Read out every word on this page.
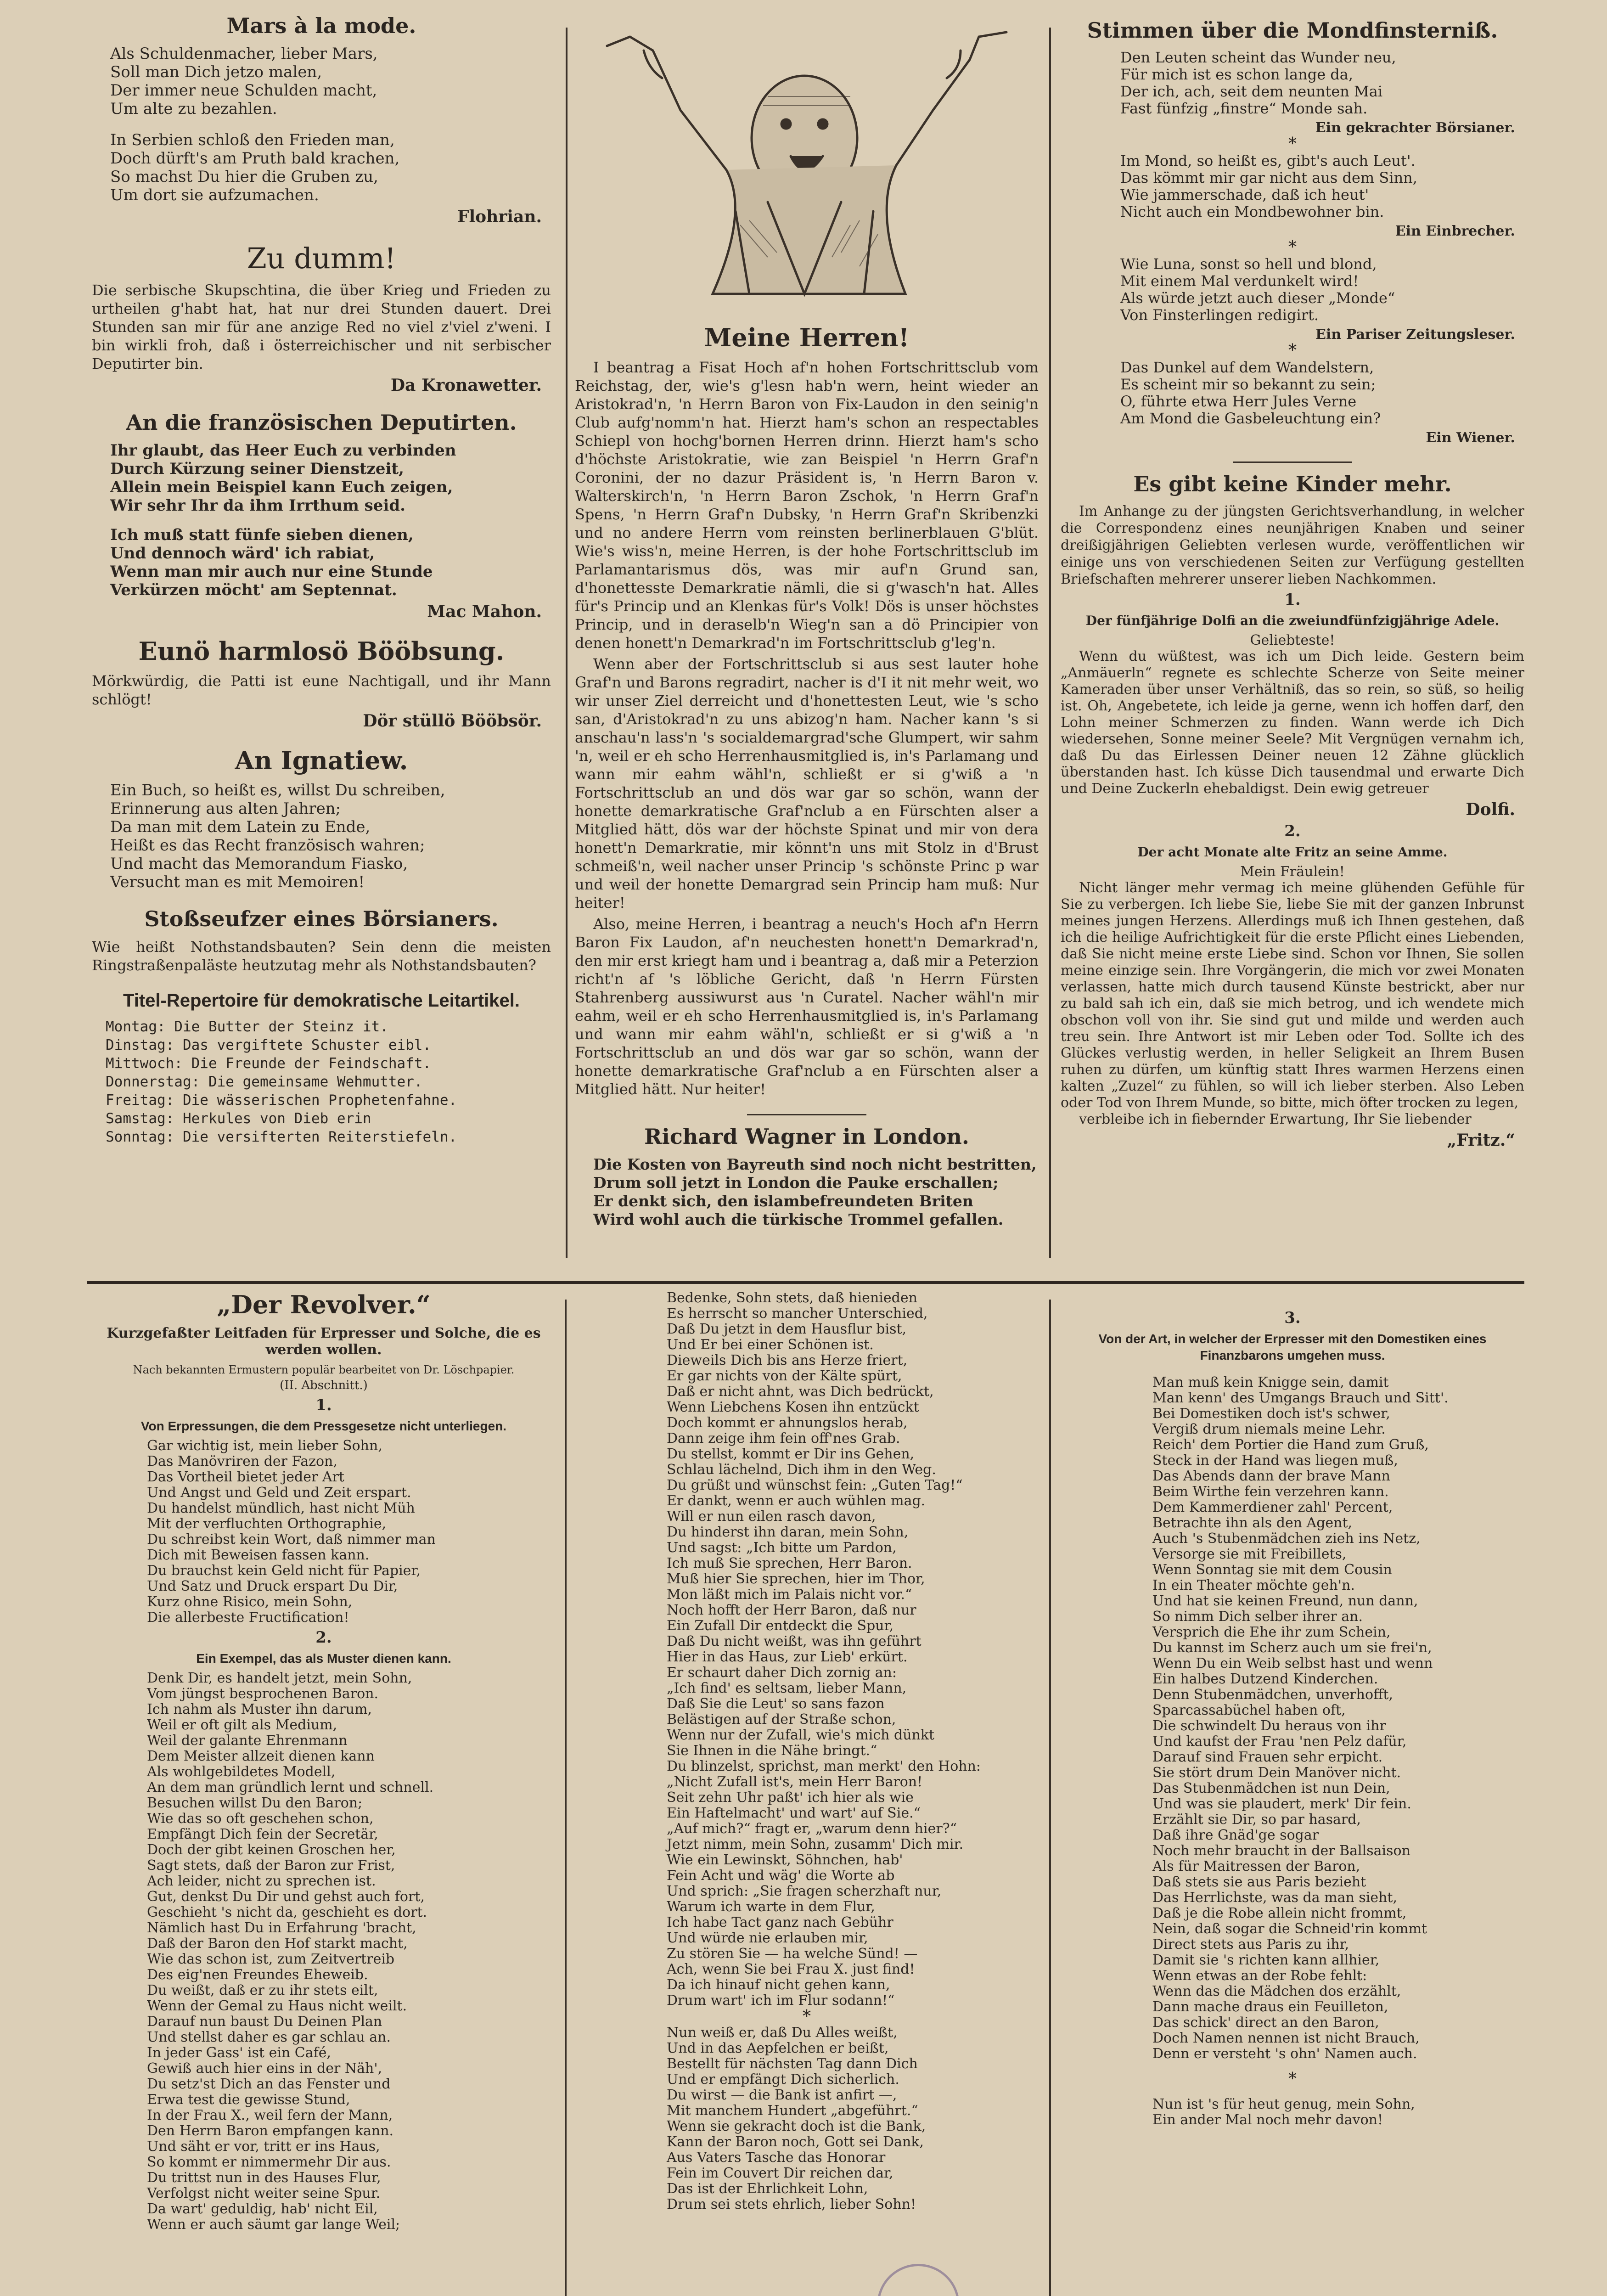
Mars à la mode.
Als Schuldenmacher, lieber Mars,
Soll man Dich jetzo malen,
Der immer neue Schulden macht,
Um alte zu bezahlen.
In Serbien schloß den Frieden man,
Doch dürft's am Pruth bald krachen,
So machst Du hier die Gruben zu,
Um dort sie aufzumachen.
Flohrian.
Zu dumm!
Die serbische Skupschtina, die über Krieg und Frieden zu urtheilen g'habt hat, hat nur drei Stunden dauert. Drei Stunden san mir für ane anzige Red no viel z'viel z'weni. I bin wirkli froh, daß i österreichischer und nit serbischer Deputirter bin.
Da Kronawetter.
An die französischen Deputirten.
Ihr glaubt, das Heer Euch zu verbinden
Durch Kürzung seiner Dienstzeit,
Allein mein Beispiel kann Euch zeigen,
Wir sehr Ihr da ihm Irrthum seid.
Ich muß statt fünfe sieben dienen,
Und dennoch wärd' ich rabiat,
Wenn man mir auch nur eine Stunde
Verkürzen möcht' am Septennat.
Mac Mahon.
Eunö harmlosö Bööbsung.
Mörkwürdig, die Patti ist eune Nachtigall, und ihr Mann schlögt!
Dör stüllö Bööbsör.
An Ignatiew.
Ein Buch, so heißt es, willst Du schreiben,
Erinnerung aus alten Jahren;
Da man mit dem Latein zu Ende,
Heißt es das Recht französisch wahren;
Und macht das Memorandum Fiasko,
Versucht man es mit Memoiren!
Stoßseufzer eines Börsianers.
Wie heißt Nothstandsbauten? Sein denn die meisten Ringstraßenpaläste heutzutag mehr als Nothstandsbauten?
Titel-Repertoire für demokratische Leitartikel.
Montag: Die Butter der Steinz it.
Dinstag: Das vergiftete Schuster eibl.
Mittwoch: Die Freunde der Feindschaft.
Donnerstag: Die gemeinsame Wehmutter.
Freitag: Die wässerischen Prophetenfahne.
Samstag: Herkules von Dieb erin
Sonntag: Die versifterten Reiterstiefeln.
Meine Herren!
I beantrag a Fisat Hoch af'n hohen Fortschrittsclub vom Reichstag, der, wie's g'lesn hab'n wern, heint wieder an Aristokrad'n, 'n Herrn Baron von Fix-Laudon in den seinig'n Club aufg'nomm'n hat. Hierzt ham's schon an respectables Schiepl von hochg'bornen Herren drinn. Hierzt ham's scho d'höchste Aristokratie, wie zan Beispiel 'n Herrn Graf'n Coronini, der no dazur Präsident is, 'n Herrn Baron v. Walterskirch'n, 'n Herrn Baron Zschok, 'n Herrn Graf'n Spens, 'n Herrn Graf'n Dubsky, 'n Herrn Graf'n Skribenzki und no andere Herrn vom reinsten berlinerblauen G'blüt. Wie's wiss'n, meine Herren, is der hohe Fortschrittsclub im Parlamantarismus dös, was mir auf'n Grund san, d'honettesste Demarkratie nämli, die si g'wasch'n hat. Alles für's Princip und an Klenkas für's Volk! Dös is unser höchstes Princip, und in deraselb'n Wieg'n san a dö Principier von denen honett'n Demarkrad'n im Fortschrittsclub g'leg'n.
Wenn aber der Fortschrittsclub si aus sest lauter hohe Graf'n und Barons regradirt, nacher is d'I it nit mehr weit, wo wir unser Ziel derreicht und d'honettesten Leut, wie 's scho san, d'Aristokrad'n zu uns abizog'n ham. Nacher kann 's si anschau'n lass'n 's socialdemargrad'sche Glumpert, wir sahm 'n, weil er eh scho Herrenhausmitglied is, in's Parlamang und wann mir eahm wähl'n, schließt er si g'wiß a 'n Fortschrittsclub an und dös war gar so schön, wann der honette demarkratische Graf'nclub a en Fürschten alser a Mitglied hätt, dös war der höchste Spinat und mir von dera honett'n Demarkratie, mir könnt'n uns mit Stolz in d'Brust schmeiß'n, weil nacher unser Princip 's schönste Princ p war und weil der honette Demargrad sein Princip ham muß: Nur heiter!
Also, meine Herren, i beantrag a neuch's Hoch af'n Herrn Baron Fix Laudon, af'n neuchesten honett'n Demarkrad'n, den mir erst kriegt ham und i beantrag a, daß mir a Peterzion richt'n af 's löbliche Gericht, daß 'n Herrn Fürsten Stahrenberg aussiwurst aus 'n Curatel. Nacher wähl'n mir eahm, weil er eh scho Herrenhausmitglied is, in's Parlamang und wann mir eahm wähl'n, schließt er si g'wiß a 'n Fortschrittsclub an und dös war gar so schön, wann der honette demarkratische Graf'nclub a en Fürschten alser a Mitglied hätt. Nur heiter!
Richard Wagner in London.
Die Kosten von Bayreuth sind noch nicht bestritten,
Drum soll jetzt in London die Pauke erschallen;
Er denkt sich, den islambefreundeten Briten
Wird wohl auch die türkische Trommel gefallen.
Stimmen über die Mondfinsterniß.
Den Leuten scheint das Wunder neu,
Für mich ist es schon lange da,
Der ich, ach, seit dem neunten Mai
Fast fünfzig „finstre“ Monde sah.
Ein gekrachter Börsianer.
*
Im Mond, so heißt es, gibt's auch Leut'.
Das kömmt mir gar nicht aus dem Sinn,
Wie jammerschade, daß ich heut'
Nicht auch ein Mondbewohner bin.
Ein Einbrecher.
*
Wie Luna, sonst so hell und blond,
Mit einem Mal verdunkelt wird!
Als würde jetzt auch dieser „Monde“
Von Finsterlingen redigirt.
Ein Pariser Zeitungsleser.
*
Das Dunkel auf dem Wandelstern,
Es scheint mir so bekannt zu sein;
O, führte etwa Herr Jules Verne
Am Mond die Gasbeleuchtung ein?
Ein Wiener.
Es gibt keine Kinder mehr.
Im Anhange zu der jüngsten Gerichtsverhandlung, in welcher die Correspondenz eines neunjährigen Knaben und seiner dreißigjährigen Geliebten verlesen wurde, veröffentlichen wir einige uns von verschiedenen Seiten zur Verfügung gestellten Briefschaften mehrerer unserer lieben Nachkommen.
1.
Der fünfjährige Dolfi an die zweiundfünfzigjährige Adele.
Geliebteste!
Wenn du wüßtest, was ich um Dich leide. Gestern beim „Anmäuerln“ regnete es schlechte Scherze von Seite meiner Kameraden über unser Verhältniß, das so rein, so süß, so heilig ist. Oh, Angebetete, ich leide ja gerne, wenn ich hoffen darf, den Lohn meiner Schmerzen zu finden. Wann werde ich Dich wiedersehen, Sonne meiner Seele? Mit Vergnügen vernahm ich, daß Du das Eirlessen Deiner neuen 12 Zähne glücklich überstanden hast. Ich küsse Dich tausendmal und erwarte Dich und Deine Zuckerln ehebaldigst. Dein ewig getreuer
Dolfi.
2.
Der acht Monate alte Fritz an seine Amme.
Mein Fräulein!
Nicht länger mehr vermag ich meine glühenden Gefühle für Sie zu verbergen. Ich liebe Sie, liebe Sie mit der ganzen Inbrunst meines jungen Herzens. Allerdings muß ich Ihnen gestehen, daß ich die heilige Aufrichtigkeit für die erste Pflicht eines Liebenden, daß Sie nicht meine erste Liebe sind. Schon vor Ihnen, Sie sollen meine einzige sein. Ihre Vorgängerin, die mich vor zwei Monaten verlassen, hatte mich durch tausend Künste bestrickt, aber nur zu bald sah ich ein, daß sie mich betrog, und ich wendete mich obschon voll von ihr. Sie sind gut und milde und werden auch treu sein. Ihre Antwort ist mir Leben oder Tod. Sollte ich des Glückes verlustig werden, in heller Seligkeit an Ihrem Busen ruhen zu dürfen, um künftig statt Ihres warmen Herzens einen kalten „Zuzel“ zu fühlen, so will ich lieber sterben. Also Leben oder Tod von Ihrem Munde, so bitte, mich öfter trocken zu legen,
verbleibe ich in fiebernder Erwartung, Ihr Sie liebender
„Fritz.“
„Der Revolver.“
Kurzgefaßter Leitfaden für Erpresser und Solche, die es werden wollen.
Nach bekannten Ermustern populär bearbeitet von Dr. Löschpapier.
(II. Abschnitt.)
1.
Von Erpressungen, die dem Pressgesetze nicht unterliegen.
Gar wichtig ist, mein lieber Sohn,
Das Manövriren der Fazon,
Das Vortheil bietet jeder Art
Und Angst und Geld und Zeit erspart.
Du handelst mündlich, hast nicht Müh
Mit der verfluchten Orthographie,
Du schreibst kein Wort, daß nimmer man
Dich mit Beweisen fassen kann.
Du brauchst kein Geld nicht für Papier,
Und Satz und Druck erspart Du Dir,
Kurz ohne Risico, mein Sohn,
Die allerbeste Fructification!
2.
Ein Exempel, das als Muster dienen kann.
Denk Dir, es handelt jetzt, mein Sohn,
Vom jüngst besprochenen Baron.
Ich nahm als Muster ihn darum,
Weil er oft gilt als Medium,
Weil der galante Ehrenmann
Dem Meister allzeit dienen kann
Als wohlgebildetes Modell,
An dem man gründlich lernt und schnell.
Besuchen willst Du den Baron;
Wie das so oft geschehen schon,
Empfängt Dich fein der Secretär,
Doch der gibt keinen Groschen her,
Sagt stets, daß der Baron zur Frist,
Ach leider, nicht zu sprechen ist.
Gut, denkst Du Dir und gehst auch fort,
Geschieht 's nicht da, geschieht es dort.
Nämlich hast Du in Erfahrung 'bracht,
Daß der Baron den Hof starkt macht,
Wie das schon ist, zum Zeitvertreib
Des eig'nen Freundes Eheweib.
Du weißt, daß er zu ihr stets eilt,
Wenn der Gemal zu Haus nicht weilt.
Darauf nun baust Du Deinen Plan
Und stellst daher es gar schlau an.
In jeder Gass' ist ein Café,
Gewiß auch hier eins in der Näh',
Du setz'st Dich an das Fenster und
Erwa test die gewisse Stund,
In der Frau X., weil fern der Mann,
Den Herrn Baron empfangen kann.
Und säht er vor, tritt er ins Haus,
So kommt er nimmermehr Dir aus.
Du trittst nun in des Hauses Flur,
Verfolgst nicht weiter seine Spur.
Da wart' geduldig, hab' nicht Eil,
Wenn er auch säumt gar lange Weil;
Bedenke, Sohn stets, daß hienieden
Es herrscht so mancher Unterschied,
Daß Du jetzt in dem Hausflur bist,
Und Er bei einer Schönen ist.
Dieweils Dich bis ans Herze friert,
Er gar nichts von der Kälte spürt,
Daß er nicht ahnt, was Dich bedrückt,
Wenn Liebchens Kosen ihn entzückt
Doch kommt er ahnungslos herab,
Dann zeige ihm fein off'nes Grab.
Du stellst, kommt er Dir ins Gehen,
Schlau lächelnd, Dich ihm in den Weg.
Du grüßt und wünschst fein: „Guten Tag!“
Er dankt, wenn er auch wühlen mag.
Will er nun eilen rasch davon,
Du hinderst ihn daran, mein Sohn,
Und sagst: „Ich bitte um Pardon,
Ich muß Sie sprechen, Herr Baron.
Muß hier Sie sprechen, hier im Thor,
Mon läßt mich im Palais nicht vor.“
Noch hofft der Herr Baron, daß nur
Ein Zufall Dir entdeckt die Spur,
Daß Du nicht weißt, was ihn geführt
Hier in das Haus, zur Lieb' erkürt.
Er schaurt daher Dich zornig an:
„Ich find' es seltsam, lieber Mann,
Daß Sie die Leut' so sans fazon
Belästigen auf der Straße schon,
Wenn nur der Zufall, wie's mich dünkt
Sie Ihnen in die Nähe bringt.“
Du blinzelst, sprichst, man merkt' den Hohn:
„Nicht Zufall ist's, mein Herr Baron!
Seit zehn Uhr paßt' ich hier als wie
Ein Haftelmacht' und wart' auf Sie.“
„Auf mich?“ fragt er, „warum denn hier?“
Jetzt nimm, mein Sohn, zusamm' Dich mir.
Wie ein Lewinskt, Söhnchen, hab'
Fein Acht und wäg' die Worte ab
Und sprich: „Sie fragen scherzhaft nur,
Warum ich warte in dem Flur,
Ich habe Tact ganz nach Gebühr
Und würde nie erlauben mir,
Zu stören Sie — ha welche Sünd! —
Ach, wenn Sie bei Frau X. just find!
Da ich hinauf nicht gehen kann,
Drum wart' ich im Flur sodann!“
*
Nun weiß er, daß Du Alles weißt,
Und in das Aepfelchen er beißt,
Bestellt für nächsten Tag dann Dich
Und er empfängt Dich sicherlich.
Du wirst — die Bank ist anfirt —,
Mit manchem Hundert „abgeführt.“
Wenn sie gekracht doch ist die Bank,
Kann der Baron noch, Gott sei Dank,
Aus Vaters Tasche das Honorar
Fein im Couvert Dir reichen dar,
Das ist der Ehrlichkeit Lohn,
Drum sei stets ehrlich, lieber Sohn!
3.
Von der Art, in welcher der Erpresser mit den Domestiken eines Finanzbarons umgehen muss.
Man muß kein Knigge sein, damit
Man kenn' des Umgangs Brauch und Sitt'.
Bei Domestiken doch ist's schwer,
Vergiß drum niemals meine Lehr.
Reich' dem Portier die Hand zum Gruß,
Steck in der Hand was liegen muß,
Das Abends dann der brave Mann
Beim Wirthe fein verzehren kann.
Dem Kammerdiener zahl' Percent,
Betrachte ihn als den Agent,
Auch 's Stubenmädchen zieh ins Netz,
Versorge sie mit Freibillets,
Wenn Sonntag sie mit dem Cousin
In ein Theater möchte geh'n.
Und hat sie keinen Freund, nun dann,
So nimm Dich selber ihrer an.
Versprich die Ehe ihr zum Schein,
Du kannst im Scherz auch um sie frei'n,
Wenn Du ein Weib selbst hast und wenn
Ein halbes Dutzend Kinderchen.
Denn Stubenmädchen, unverhofft,
Sparcassabüchel haben oft,
Die schwindelt Du heraus von ihr
Und kaufst der Frau 'nen Pelz dafür,
Darauf sind Frauen sehr erpicht.
Sie stört drum Dein Manöver nicht.
Das Stubenmädchen ist nun Dein,
Und was sie plaudert, merk' Dir fein.
Erzählt sie Dir, so par hasard,
Daß ihre Gnäd'ge sogar
Noch mehr braucht in der Ballsaison
Als für Maitressen der Baron,
Daß stets sie aus Paris bezieht
Das Herrlichste, was da man sieht,
Daß je die Robe allein nicht frommt,
Nein, daß sogar die Schneid'rin kommt
Direct stets aus Paris zu ihr,
Damit sie 's richten kann allhier,
Wenn etwas an der Robe fehlt:
Wenn das die Mädchen dos erzählt,
Dann mache draus ein Feuilleton,
Das schick' direct an den Baron,
Doch Namen nennen ist nicht Brauch,
Denn er versteht 's ohn' Namen auch.
*
Nun ist 's für heut genug, mein Sohn,
Ein ander Mal noch mehr davon!
